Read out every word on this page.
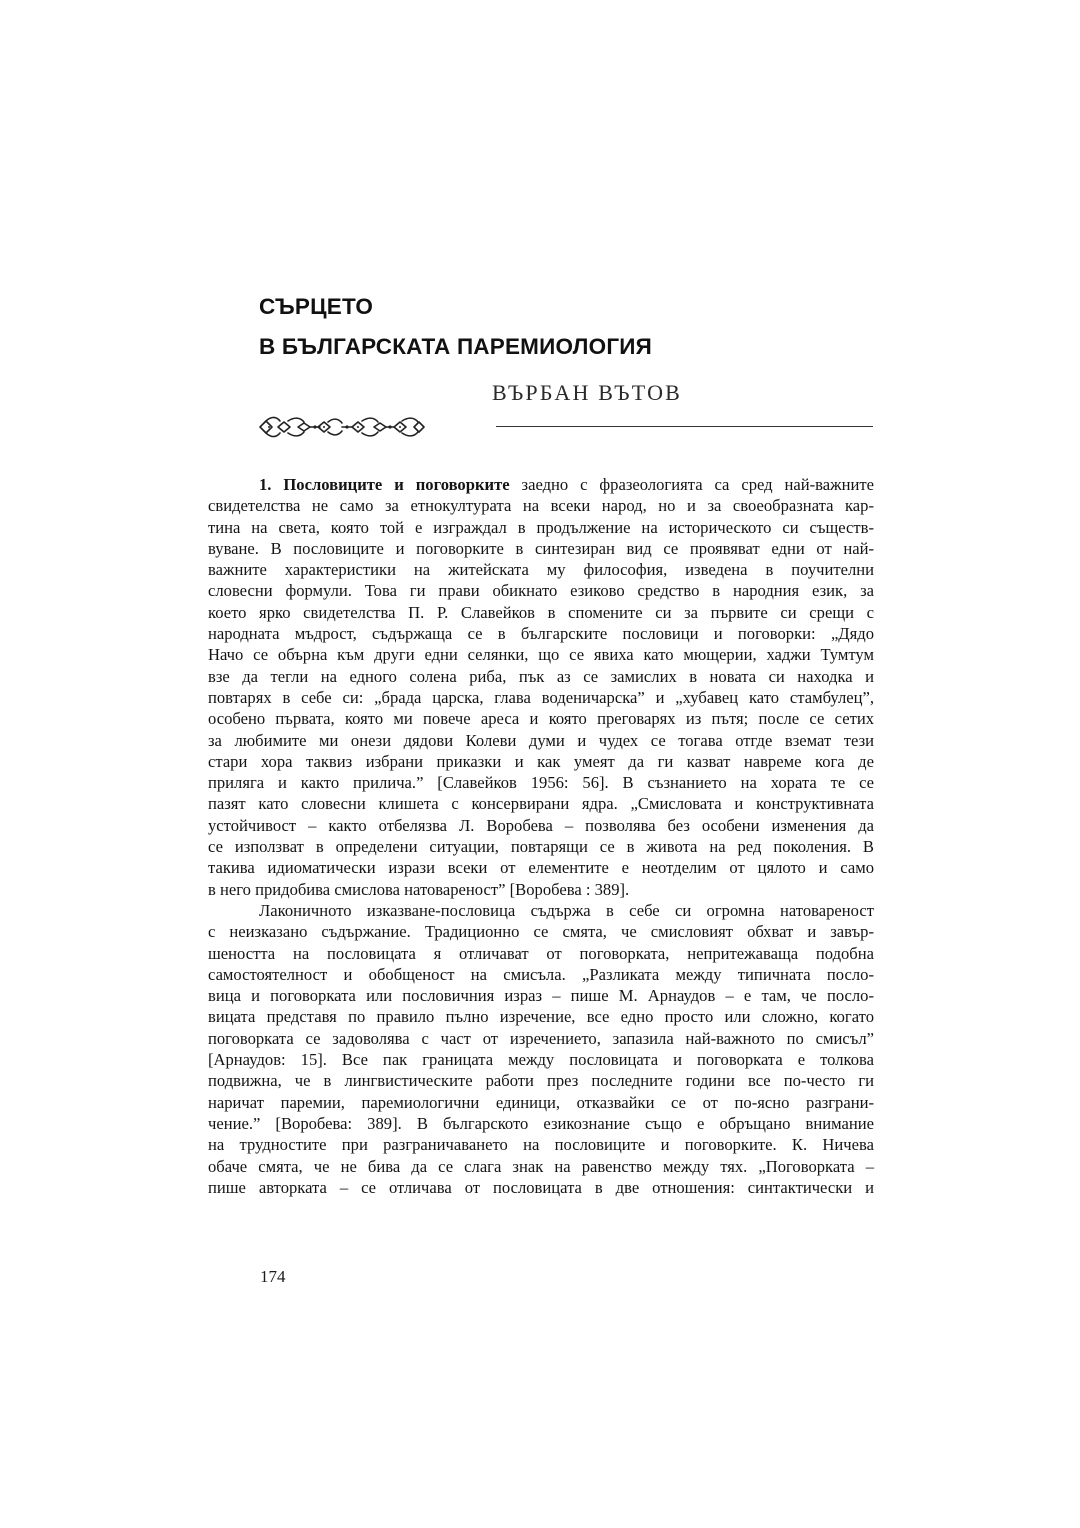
СЪРЦЕТО
В БЪЛГАРСКАТА ПАРЕМИОЛОГИЯ
ВЪРБАН ВЪТОВ
1. Пословиците и поговорките заедно с фразеологията са сред най-важните
свидетелства не само за етнокултурата на всеки народ, но и за своеобразната кар-
тина на света, която той е изграждал в продължение на историческото си съществ-
вуване. В пословиците и поговорките в синтезиран вид се проявяват едни от най-
важните характеристики на житейската му философия, изведена в поучителни
словесни формули. Това ги прави обикнато езиково средство в народния език, за
което ярко свидетелства П. Р. Славейков в спомените си за първите си срещи с
народната мъдрост, съдържаща се в българските пословици и поговорки: „Дядо
Начо се обърна към други едни селянки, що се явиха като мющерии, хаджи Тумтум
взе да тегли на едного солена риба, пък аз се замислих в новата си находка и
повтарях в себе си: „брада царска, глава воденичарска” и „хубавец като стамбулец”,
особено първата, която ми повече ареса и която преговарях из пътя; после се сетих
за любимите ми онези дядови Колеви думи и чудех се тогава отгде вземат тези
стари хора таквиз избрани приказки и как умеят да ги казват навреме кога де
приляга и както прилича.” [Славейков 1956: 56]. В съзнанието на хората те се
пазят като словесни клишета с консервирани ядра. „Смисловата и конструктивната
устойчивост – както отбелязва Л. Воробева – позволява без особени изменения да
се използват в определени ситуации, повтарящи се в живота на ред поколения. В
такива идиоматически изрази всеки от елементите е неотделим от цялото и само
в него придобива смислова натовареност” [Воробева : 389].
Лаконичното изказване-пословица съдържа в себе си огромна натовареност
с неизказано съдържание. Традиционно се смята, че смисловият обхват и завър-
шеността на пословицата я отличават от поговорката, непритежаваща подобна
самостоятелност и обобщеност на смисъла. „Разликата между типичната посло-
вица и поговорката или пословичния израз – пише М. Арнаудов – е там, че посло-
вицата представя по правило пълно изречение, все едно просто или сложно, когато
поговорката се задоволява с част от изречението, запазила най-важното по смисъл”
[Арнаудов: 15]. Все пак границата между пословицата и поговорката е толкова
подвижна, че в лингвистическите работи през последните години все по-често ги
наричат паремии, паремиологични единици, отказвайки се от по-ясно разграни-
чение.” [Воробева: 389]. В българското езикознание също е обръщано внимание
на трудностите при разграничаването на пословиците и поговорките. К. Ничева
обаче смята, че не бива да се слага знак на равенство между тях. „Поговорката –
пише авторката – се отличава от пословицата в две отношения: синтактически и
174
